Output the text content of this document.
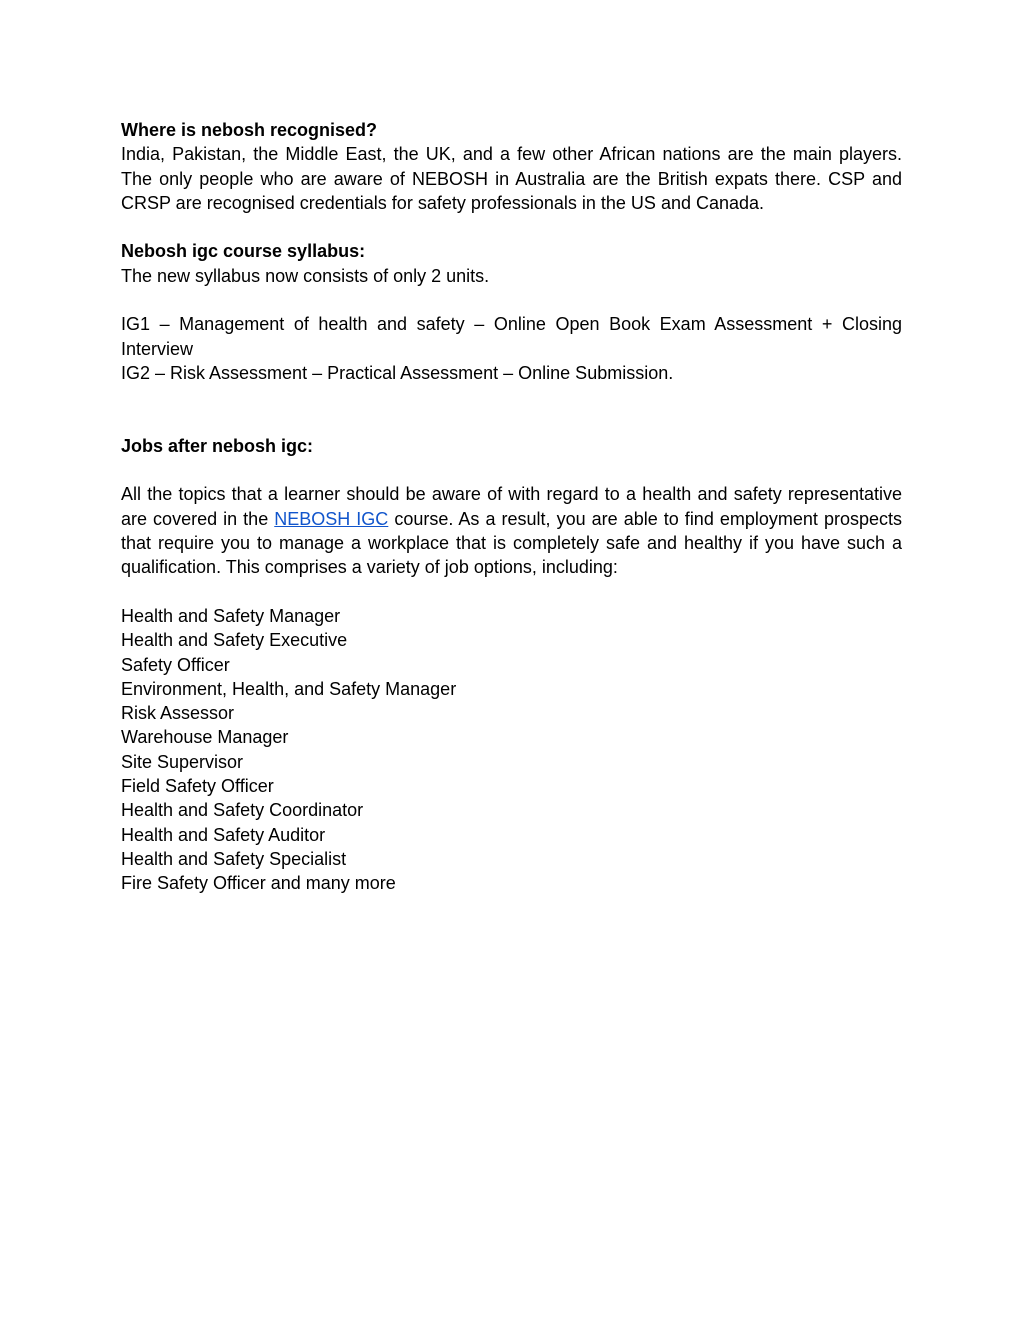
Where is nebosh recognised?

India, Pakistan, the Middle East, the UK, and a few other African nations are the main players. The only people who are aware of NEBOSH in Australia are the British expats there. CSP and CRSP are recognised credentials for safety professionals in the US and Canada.

Nebosh igc course syllabus:

The new syllabus now consists of only 2 units.

IG1 – Management of health and safety – Online Open Book Exam Assessment + Closing Interview

IG2 – Risk Assessment – Practical Assessment – Online Submission.

Jobs after nebosh igc:

All the topics that a learner should be aware of with regard to a health and safety representative are covered in the NEBOSH IGC course. As a result, you are able to find employment prospects that require you to manage a workplace that is completely safe and healthy if you have such a qualification. This comprises a variety of job options, including:

Health and Safety Manager
Health and Safety Executive
Safety Officer
Environment, Health, and Safety Manager
Risk Assessor
Warehouse Manager
Site Supervisor
Field Safety Officer
Health and Safety Coordinator
Health and Safety Auditor
Health and Safety Specialist
Fire Safety Officer and many more
